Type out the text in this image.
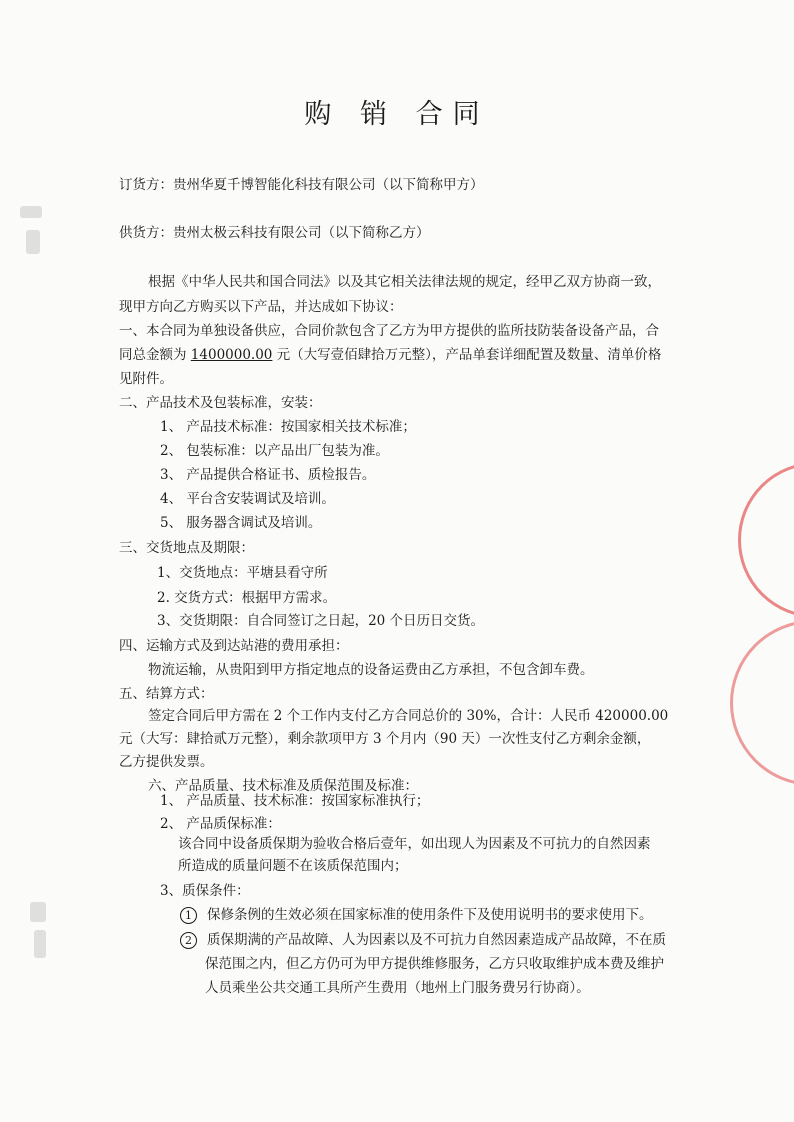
购 销 合同
订货方：贵州华夏千博智能化科技有限公司（以下简称甲方）
供货方：贵州太极云科技有限公司（以下简称乙方）
根据《中华人民共和国合同法》以及其它相关法律法规的规定，经甲乙双方协商一致，
现甲方向乙方购买以下产品，并达成如下协议：
一、本合同为单独设备供应，合同价款包含了乙方为甲方提供的监所技防装备设备产品，合
同总金额为 1400000.00 元（大写壹佰肆拾万元整），产品单套详细配置及数量、清单价格
见附件。
二、产品技术及包装标准，安装：
1、 产品技术标准：按国家相关技术标准；
2、 包装标准：以产品出厂包装为准。
3、 产品提供合格证书、质检报告。
4、 平台含安装调试及培训。
5、 服务器含调试及培训。
三、交货地点及期限：
1、交货地点：平塘县看守所
2. 交货方式：根据甲方需求。
3、交货期限：自合同签订之日起，20 个日历日交货。
四、运输方式及到达站港的费用承担：
物流运输，从贵阳到甲方指定地点的设备运费由乙方承担，不包含卸车费。
五、结算方式：
签定合同后甲方需在 2 个工作内支付乙方合同总价的 30%，合计：人民币 420000.00
元（大写：肆拾贰万元整），剩余款项甲方 3 个月内（90 天）一次性支付乙方剩余金额，
乙方提供发票。
六、产品质量、技术标准及质保范围及标准：
1、 产品质量、技术标准：按国家标准执行；
2、 产品质保标准：
该合同中设备质保期为验收合格后壹年，如出现人为因素及不可抗力的自然因素
所造成的质量问题不在该质保范围内；
3、质保条件：
1 保修条例的生效必须在国家标准的使用条件下及使用说明书的要求使用下。
2 质保期满的产品故障、人为因素以及不可抗力自然因素造成产品故障，不在质
保范围之内，但乙方仍可为甲方提供维修服务，乙方只收取维护成本费及维护
人员乘坐公共交通工具所产生费用（地州上门服务费另行协商）。
